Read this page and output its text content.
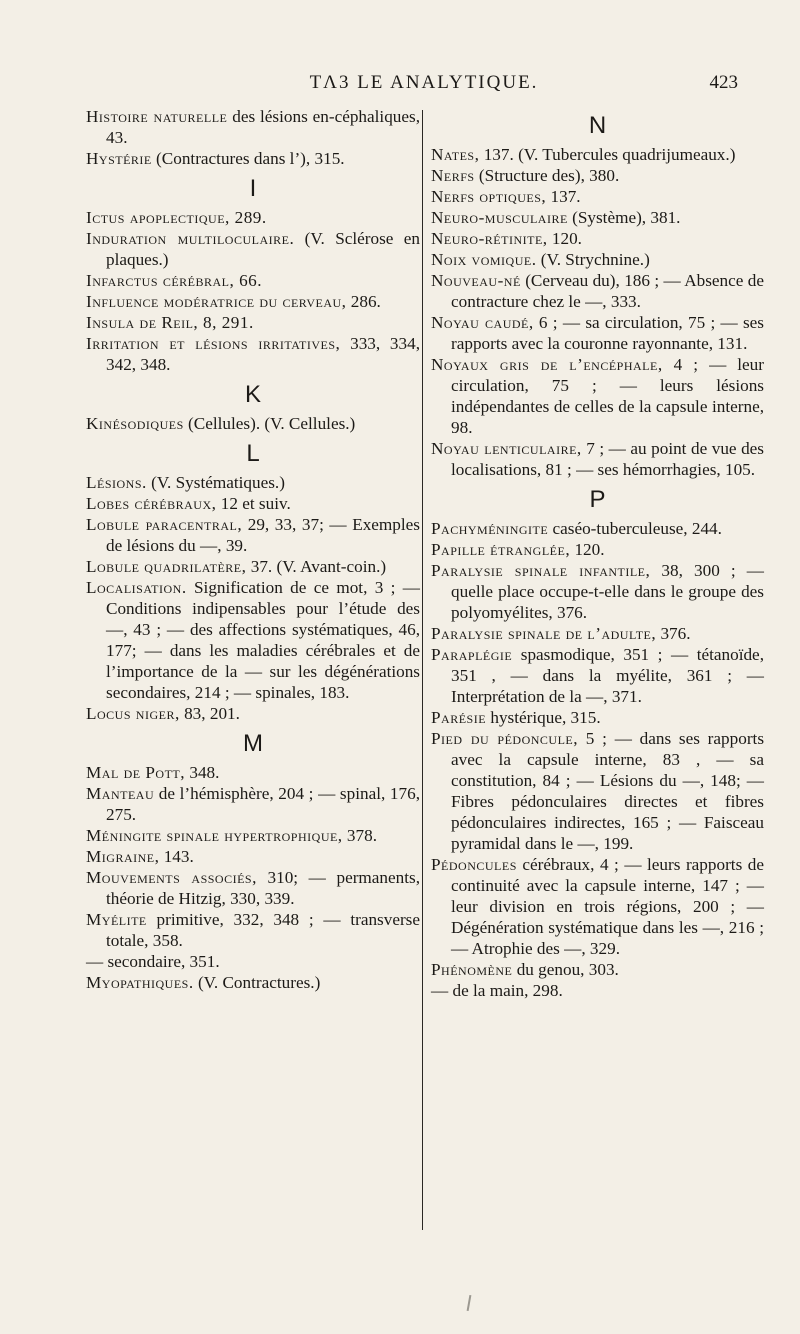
TΛ3 LE ANALYTIQUE.	423

Histoire naturelle des lésions en-céphaliques, 43.

Hystérie (Contractures dans l’), 315.

I

Ictus apoplectique, 289.

Induration multiloculaire. (V. Sclérose en plaques.)

Infarctus cérébral, 66.

Influence modératrice du cerveau, 286.

Insula de Reil, 8, 291.

Irritation et lésions irritatives, 333, 334, 342, 348.

K

Kinésodiques (Cellules). (V. Cellules.)

L

Lésions. (V. Systématiques.)

Lobes cérébraux, 12 et suiv.

Lobule paracentral, 29, 33, 37; — Exemples de lésions du —, 39.

Lobule quadrilatère, 37. (V. Avant-coin.)

Localisation. Signification de ce mot, 3 ; — Conditions indipensables pour l’étude des —, 43 ; — des affections systématiques, 46, 177; — dans les maladies cérébrales et de l’importance de la — sur les dégénérations secondaires, 214 ; — spinales, 183.

Locus niger, 83, 201.

M

Mal de Pott, 348.

Manteau de l’hémisphère, 204 ; — spinal, 176, 275.

Méningite spinale hypertrophique, 378.

Migraine, 143.

Mouvements associés, 310; — permanents, théorie de Hitzig, 330, 339.

Myélite primitive, 332, 348 ; — transverse totale, 358.

— secondaire, 351.

Myopathiques. (V. Contractures.)

N

Nates, 137. (V. Tubercules quadrijumeaux.)

Nerfs (Structure des), 380.

Nerfs optiques, 137.

Neuro-musculaire (Système), 381.

Neuro-rétinite, 120.

Noix vomique. (V. Strychnine.)

Nouveau-né (Cerveau du), 186 ; — Absence de contracture chez le —, 333.

Noyau caudé, 6 ; — sa circulation, 75 ; — ses rapports avec la couronne rayonnante, 131.

Noyaux gris de l’encéphale, 4 ; — leur circulation, 75 ; — leurs lésions indépendantes de celles de la capsule interne, 98.

Noyau lenticulaire, 7 ; — au point de vue des localisations, 81 ; — ses hémorrhagies, 105.

P

Pachyméningite caséo-tuberculeuse, 244.

Papille étranglée, 120.

Paralysie spinale infantile, 38, 300 ; — quelle place occupe-t-elle dans le groupe des polyomyélites, 376.

Paralysie spinale de l’adulte, 376.

Paraplégie spasmodique, 351 ; — tétanoïde, 351 , — dans la myélite, 361 ; — Interprétation de la —, 371.

Parésie hystérique, 315.

Pied du pédoncule, 5 ; — dans ses rapports avec la capsule interne, 83 , — sa constitution, 84 ; — Lésions du —, 148; — Fibres pédonculaires directes et fibres pédonculaires indirectes, 165 ; — Faisceau pyramidal dans le —, 199.

Pédoncules cérébraux, 4 ; — leurs rapports de continuité avec la capsule interne, 147 ; — leur division en trois régions, 200 ; — Dégénération systématique dans les —, 216 ; — Atrophie des —, 329.

Phénomène du genou, 303.

— de la main, 298.
